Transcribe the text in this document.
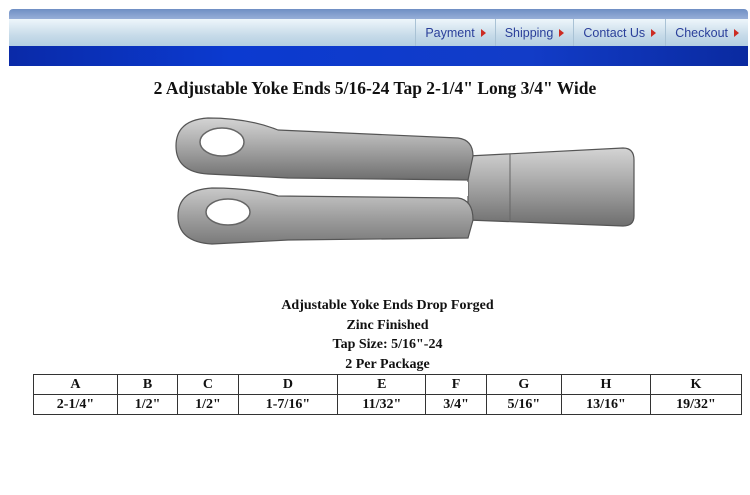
Payment Shipping Contact Us Checkout
2 Adjustable Yoke Ends 5/16-24 Tap 2-1/4" Long 3/4" Wide
Adjustable Yoke Ends Drop Forged
Zinc Finished
Tap Size: 5/16"-24
2 Per Package
A	B	C	D	E	F	G	H	K
2-1/4"	1/2"	1/2"	1-7/16"	11/32"	3/4"	5/16"	13/16"	19/32"
